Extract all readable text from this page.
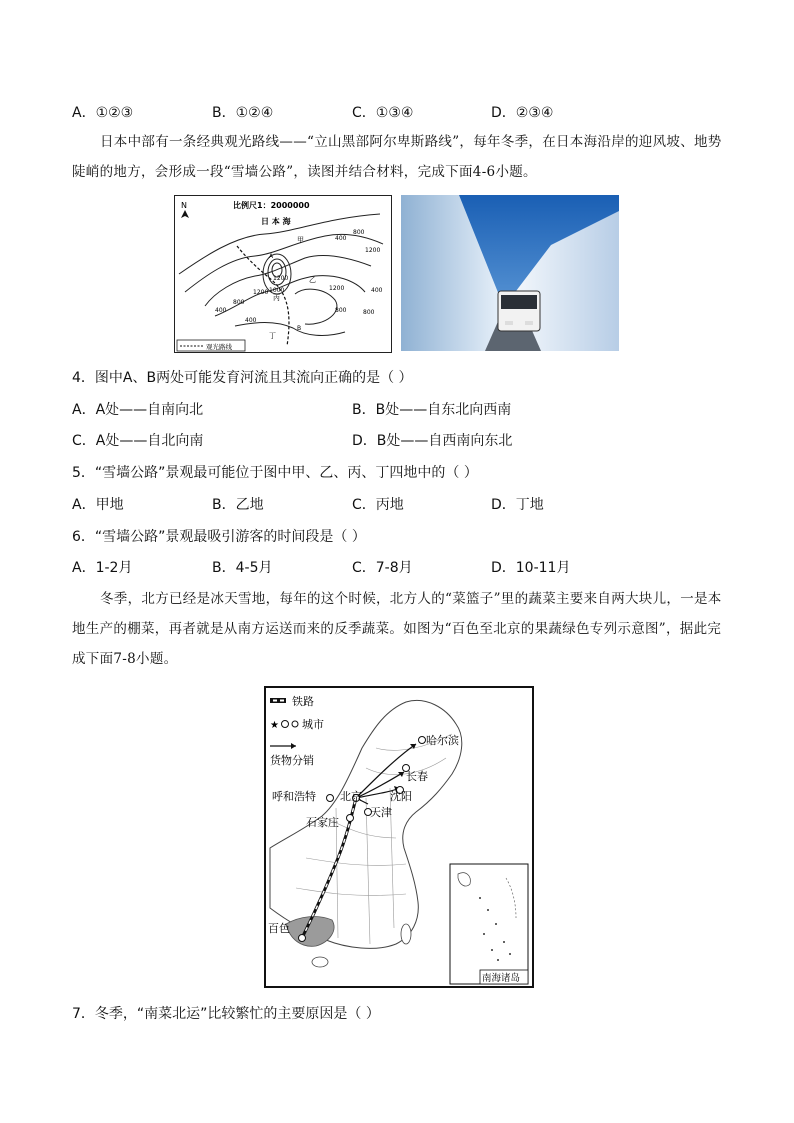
A．①②③	B．①②④	C．①③④	D．②③④
日本中部有一条经典观光路线——“立山黑部阿尔卑斯路线”，每年冬季，在日本海沿岸的迎风坡、地势陡峭的地方，会形成一段“雪墙公路”，读图并结合材料，完成下面4-6小题。
N	比例尺1：2000000
日 本 海
甲
乙
丙
丁
A
B
400
800
1200
1000
400
800
1200
1200
800
400
400
800
1200
观光路线
4．图中A、B两处可能发育河流且其流向正确的是（ ）
A．A处——自南向北	B．B处——自东北向西南
C．A处——自北向南	D．B处——自西南向东北
5．“雪墙公路”景观最可能位于图中甲、乙、丙、丁四地中的（ ）
A．甲地	B．乙地	C．丙地	D．丁地
6．“雪墙公路”景观最吸引游客的时间段是（ ）
A．1-2月	B．4-5月	C．7-8月	D．10-11月
冬季，北方已经是冰天雪地，每年的这个时候，北方人的“菜篮子”里的蔬菜主要来自两大块儿，一是本地生产的棚菜，再者就是从南方运送而来的反季蔬菜。如图为“百色至北京的果蔬绿色专列示意图”，据此完成下面7-8小题。
哈尔滨
长春
沈阳
呼和浩特 北京
天津
石家庄
百色
铁路
★ 城市
货物分销
南海诸岛
7．冬季，“南菜北运”比较繁忙的主要原因是（ ）
